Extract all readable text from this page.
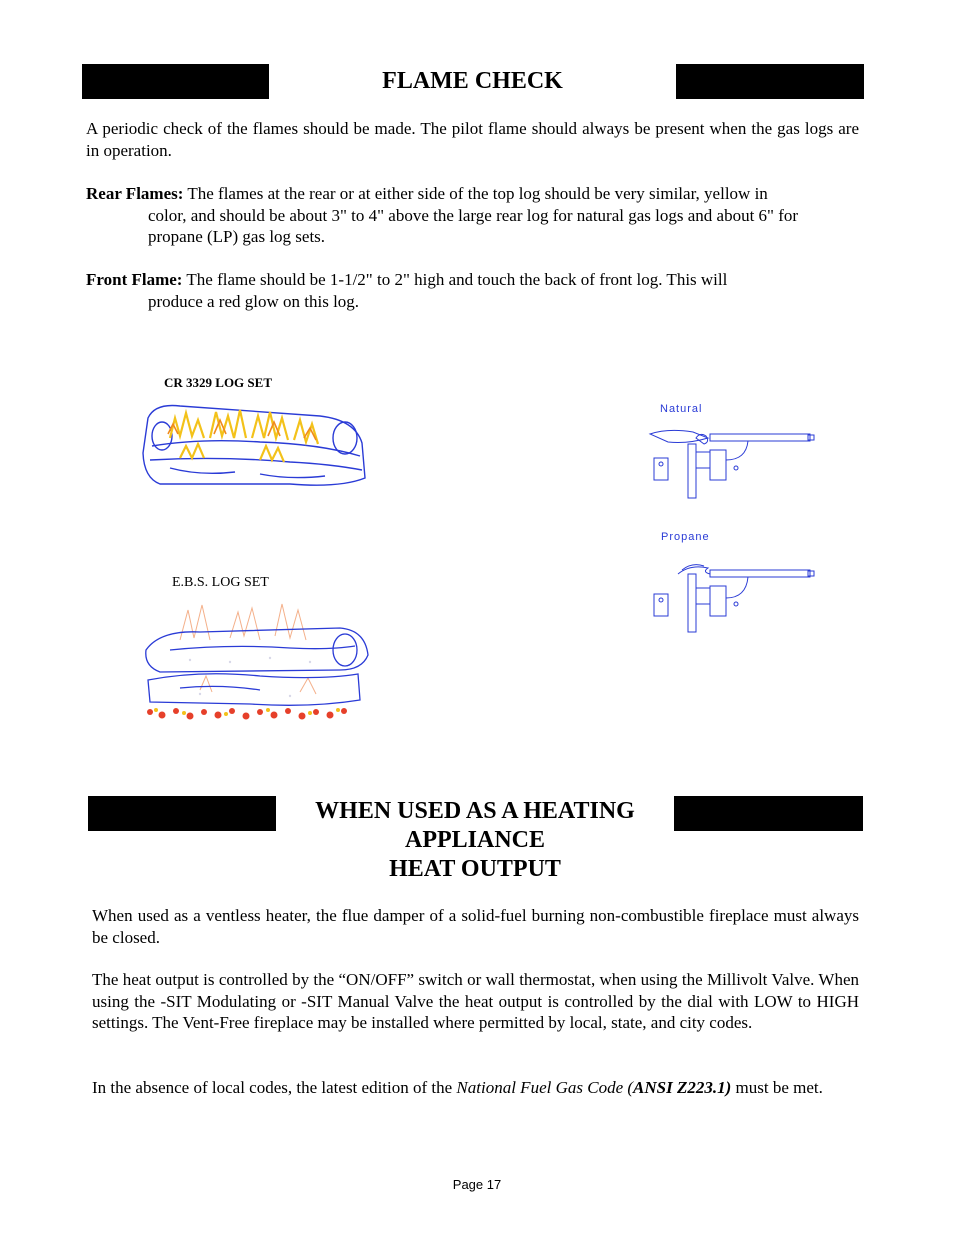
FLAME CHECK

A periodic check of the flames should be made. The pilot flame should always be present when the gas logs are in operation.

Rear Flames: The flames at the rear or at either side of the top log should be very similar, yellow in
color, and should be about 3" to 4" above the large rear log for natural gas logs and about 6" for propane (LP) gas log sets.
Front Flame: The flame should be 1-1/2" to 2" high and touch the back of front log. This will
produce a red glow on this log.
CR 3329 LOG SET
E.B.S. LOG SET
Natural
Propane
WHEN USED AS A HEATING
APPLIANCE
HEAT OUTPUT

When used as a ventless heater, the flue damper of a solid-fuel burning non-combustible fireplace must always be closed.

The heat output is controlled by the “ON/OFF” switch or wall thermostat, when using the Millivolt Valve. When using the -SIT Modulating or -SIT Manual Valve the heat output is controlled by the dial with LOW to HIGH settings. The Vent-Free fireplace may be installed where permitted by local, state, and city codes.

In the absence of local codes, the latest edition of the National Fuel Gas Code (ANSI Z223.1) must be met.

Page 17
